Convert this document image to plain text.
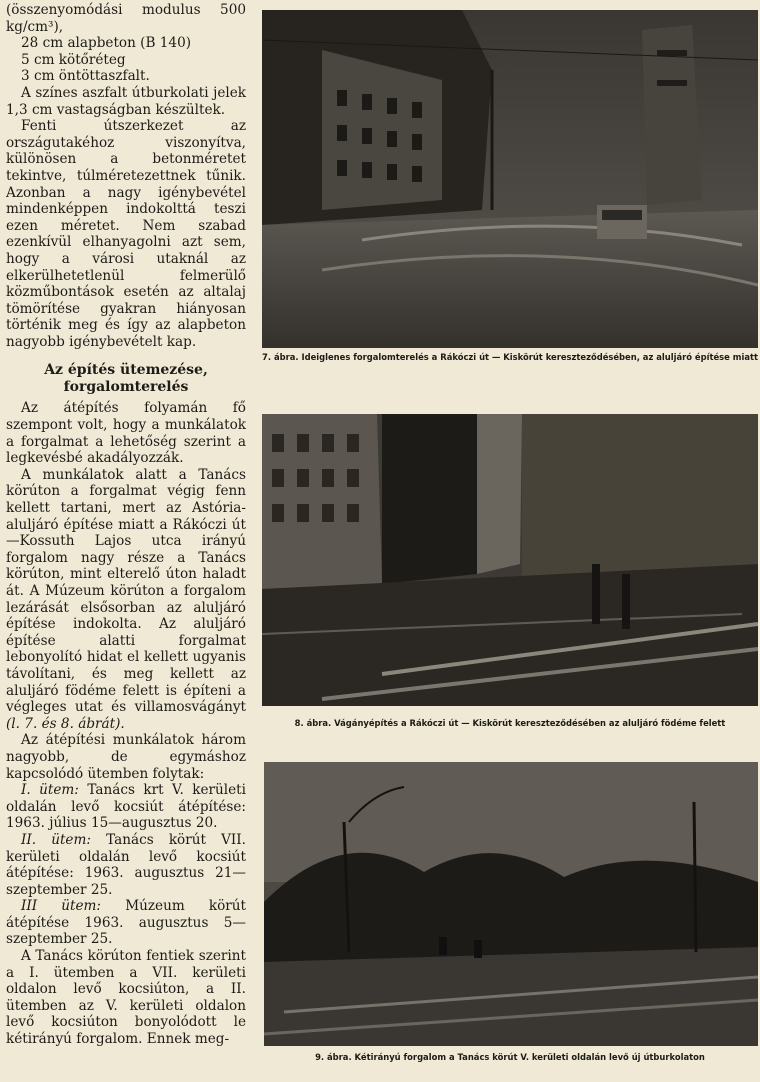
(összenyomódási modulus 500 kg/cm³),

28 cm alapbeton (B 140)
5 cm kötőréteg
3 cm öntöttaszfalt.

A színes aszfalt útburkolati jelek 1,3 cm vastagságban készültek.

Fenti útszerkezet az országutakéhoz viszonyítva, különösen a betonméretet tekintve, túlméretezettnek tűnik. Azonban a nagy igénybevétel mindenképpen indokolttá teszi ezen méretet. Nem szabad ezenkívül elhanyagolni azt sem, hogy a városi utaknál az elkerülhetetlenül felmerülő közműbontások esetén az altalaj tömörítése gyakran hiányosan történik meg és így az alapbeton nagyobb igénybevételt kap.

Az építés ütemezése, forgalomterelés

Az átépítés folyamán fő szempont volt, hogy a munkálatok a forgalmat a lehetőség szerint a legkevésbé akadályozzák.

A munkálatok alatt a Tanács körúton a forgalmat végig fenn kellett tartani, mert az Astória-aluljáró építése miatt a Rákóczi út—Kossuth Lajos utca irányú forgalom nagy része a Tanács körúton, mint elterelő úton haladt át. A Múzeum körúton a forgalom lezárását elsősorban az aluljáró építése indokolta. Az aluljáró építése alatti forgalmat lebonyolító hidat el kellett ugyanis távolítani, és meg kellett az aluljáró födéme felett is építeni a végleges utat és villamosvágányt (l. 7. és 8. ábrát).

Az átépítési munkálatok három nagyobb, de egymáshoz kapcsolódó ütemben folytak:

I. ütem: Tanács krt V. kerületi oldalán levő kocsiút átépítése: 1963. július 15—augusztus 20.

II. ütem: Tanács körút VII. kerületi oldalán levő kocsiút átépítése: 1963. augusztus 21—szeptember 25.

III ütem: Múzeum körút átépítése 1963. augusztus 5—szeptember 25.

A Tanács körúton fentiek szerint a I. ütemben a VII. kerületi oldalon levő kocsiúton, a II. ütemben az V. kerületi oldalon levő kocsiúton bonyolódott le kétirányú forgalom. Ennek meg-

7. ábra. Ideiglenes forgalomterelés a Rákóczi út — Kiskörút kereszteződésében, az aluljáró építése miatt
8. ábra. Vágányépítés a Rákóczi út — Kiskörút kereszteződésében az aluljáró födéme felett
9. ábra. Kétirányú forgalom a Tanács körút V. kerületi oldalán levő új útburkolaton
